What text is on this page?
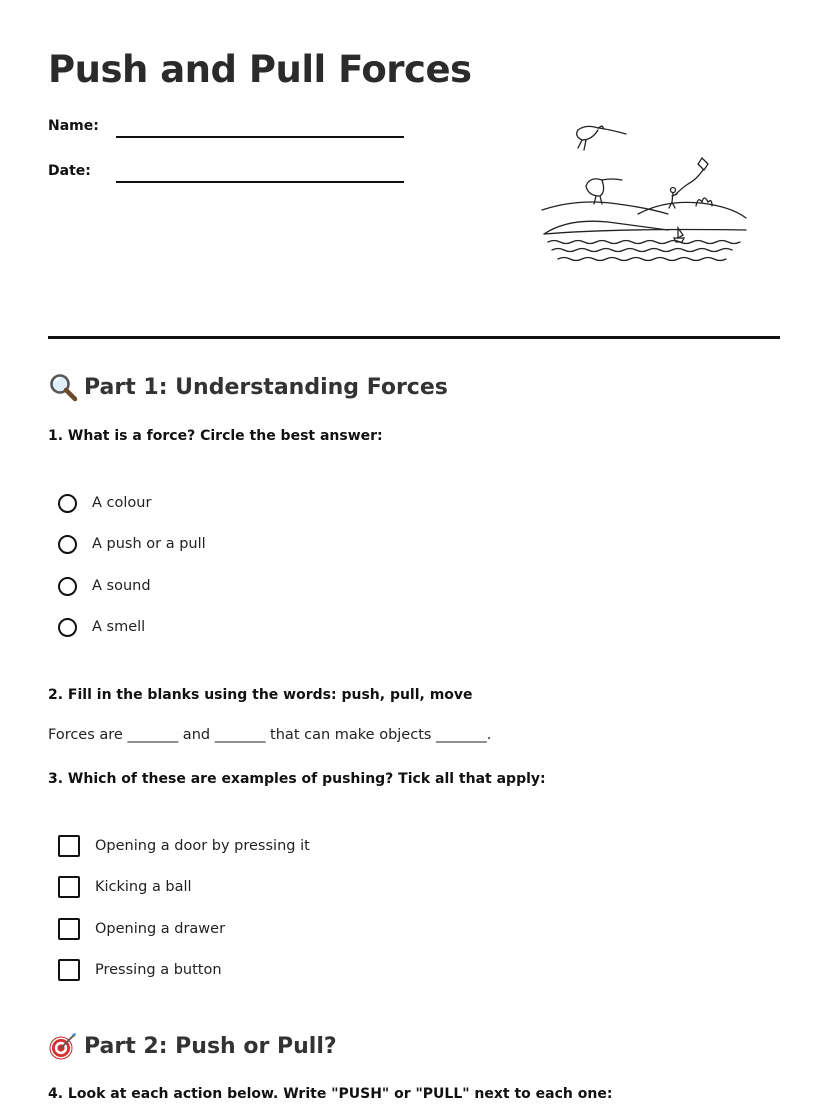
Push and Pull Forces
Name:
Date:
Part 1: Understanding Forces

1. What is a force? Circle the best answer:

A colour
A push or a pull
A sound
A smell

2. Fill in the blanks using the words: push, pull, move

Forces are _______ and _______ that can make objects _______.

3. Which of these are examples of pushing? Tick all that apply:

Opening a door by pressing it
Kicking a ball
Opening a drawer
Pressing a button
Part 2: Push or Pull?

4. Look at each action below. Write "PUSH" or "PULL" next to each one:
